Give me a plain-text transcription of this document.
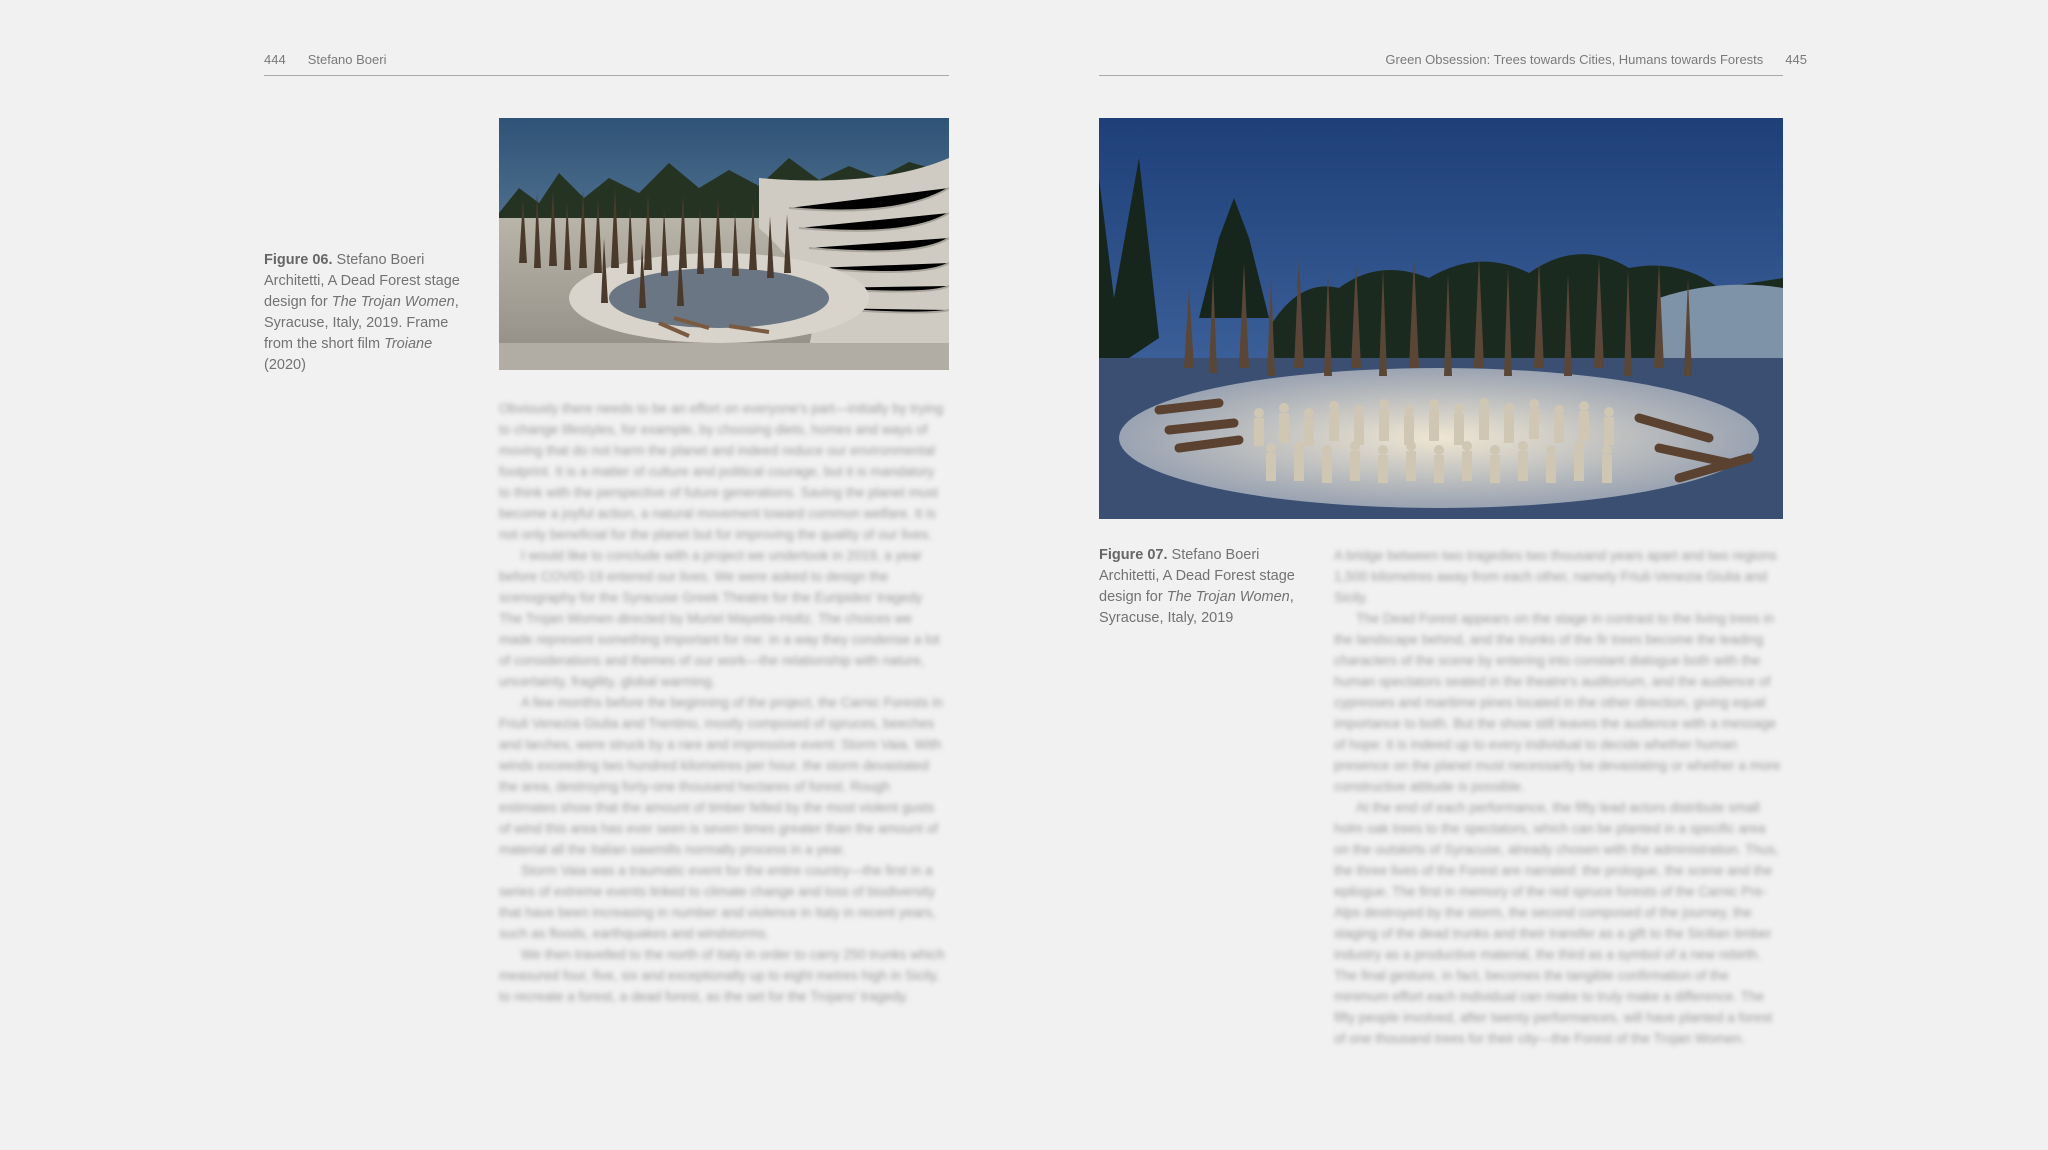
444 Stefano Boeri
Figure 06. Stefano Boeri Architetti, A Dead Forest stage design for The Trojan Women, Syracuse, Italy, 2019. Frame from the short film Troiane (2020)

Obviously there needs to be an effort on everyone's part—initially by trying to change lifestyles, for example, by choosing diets, homes and ways of moving that do not harm the planet and indeed reduce our environmental footprint. It is a matter of culture and political courage, but it is mandatory to think with the perspective of future generations. Saving the planet must become a joyful action, a natural movement toward common welfare. It is not only beneficial for the planet but for improving the quality of our lives.

I would like to conclude with a project we undertook in 2019, a year before COVID-19 entered our lives. We were asked to design the scenography for the Syracuse Greek Theatre for the Euripides' tragedy The Trojan Women directed by Muriel Mayette-Holtz. The choices we made represent something important for me: in a way they condense a lot of considerations and themes of our work—the relationship with nature, uncertainty, fragility, global warming.

A few months before the beginning of the project, the Carnic Forests in Friuli Venezia Giulia and Trentino, mostly composed of spruces, beeches and larches, were struck by a rare and impressive event: Storm Vaia. With winds exceeding two hundred kilometres per hour, the storm devastated the area, destroying forty-one thousand hectares of forest. Rough estimates show that the amount of timber felled by the most violent gusts of wind this area has ever seen is seven times greater than the amount of material all the Italian sawmills normally process in a year.

Storm Vaia was a traumatic event for the entire country—the first in a series of extreme events linked to climate change and loss of biodiversity that have been increasing in number and violence in Italy in recent years, such as floods, earthquakes and windstorms.

We then travelled to the north of Italy in order to carry 250 trunks which measured four, five, six and exceptionally up to eight metres high in Sicily, to recreate a forest, a dead forest, as the set for the Trojans' tragedy.

Green Obsession: Trees towards Cities, Humans towards Forests 445
Figure 07. Stefano Boeri Architetti, A Dead Forest stage design for The Trojan Women, Syracuse, Italy, 2019

A bridge between two tragedies two thousand years apart and two regions 1,500 kilometres away from each other, namely Friuli-Venezia Giulia and Sicily.

The Dead Forest appears on the stage in contrast to the living trees in the landscape behind, and the trunks of the fir trees become the leading characters of the scene by entering into constant dialogue both with the human spectators seated in the theatre's auditorium, and the audience of cypresses and maritime pines located in the other direction, giving equal importance to both. But the show still leaves the audience with a message of hope: it is indeed up to every individual to decide whether human presence on the planet must necessarily be devastating or whether a more constructive attitude is possible.

At the end of each performance, the fifty lead actors distribute small holm oak trees to the spectators, which can be planted in a specific area on the outskirts of Syracuse, already chosen with the administration. Thus, the three lives of the Forest are narrated: the prologue, the scene and the epilogue. The first in memory of the red spruce forests of the Carnic Pre-Alps destroyed by the storm, the second composed of the journey, the staging of the dead trunks and their transfer as a gift to the Sicilian timber industry as a productive material, the third as a symbol of a new rebirth. The final gesture, in fact, becomes the tangible confirmation of the minimum effort each individual can make to truly make a difference. The fifty people involved, after twenty performances, will have planted a forest of one thousand trees for their city—the Forest of the Trojan Women.
